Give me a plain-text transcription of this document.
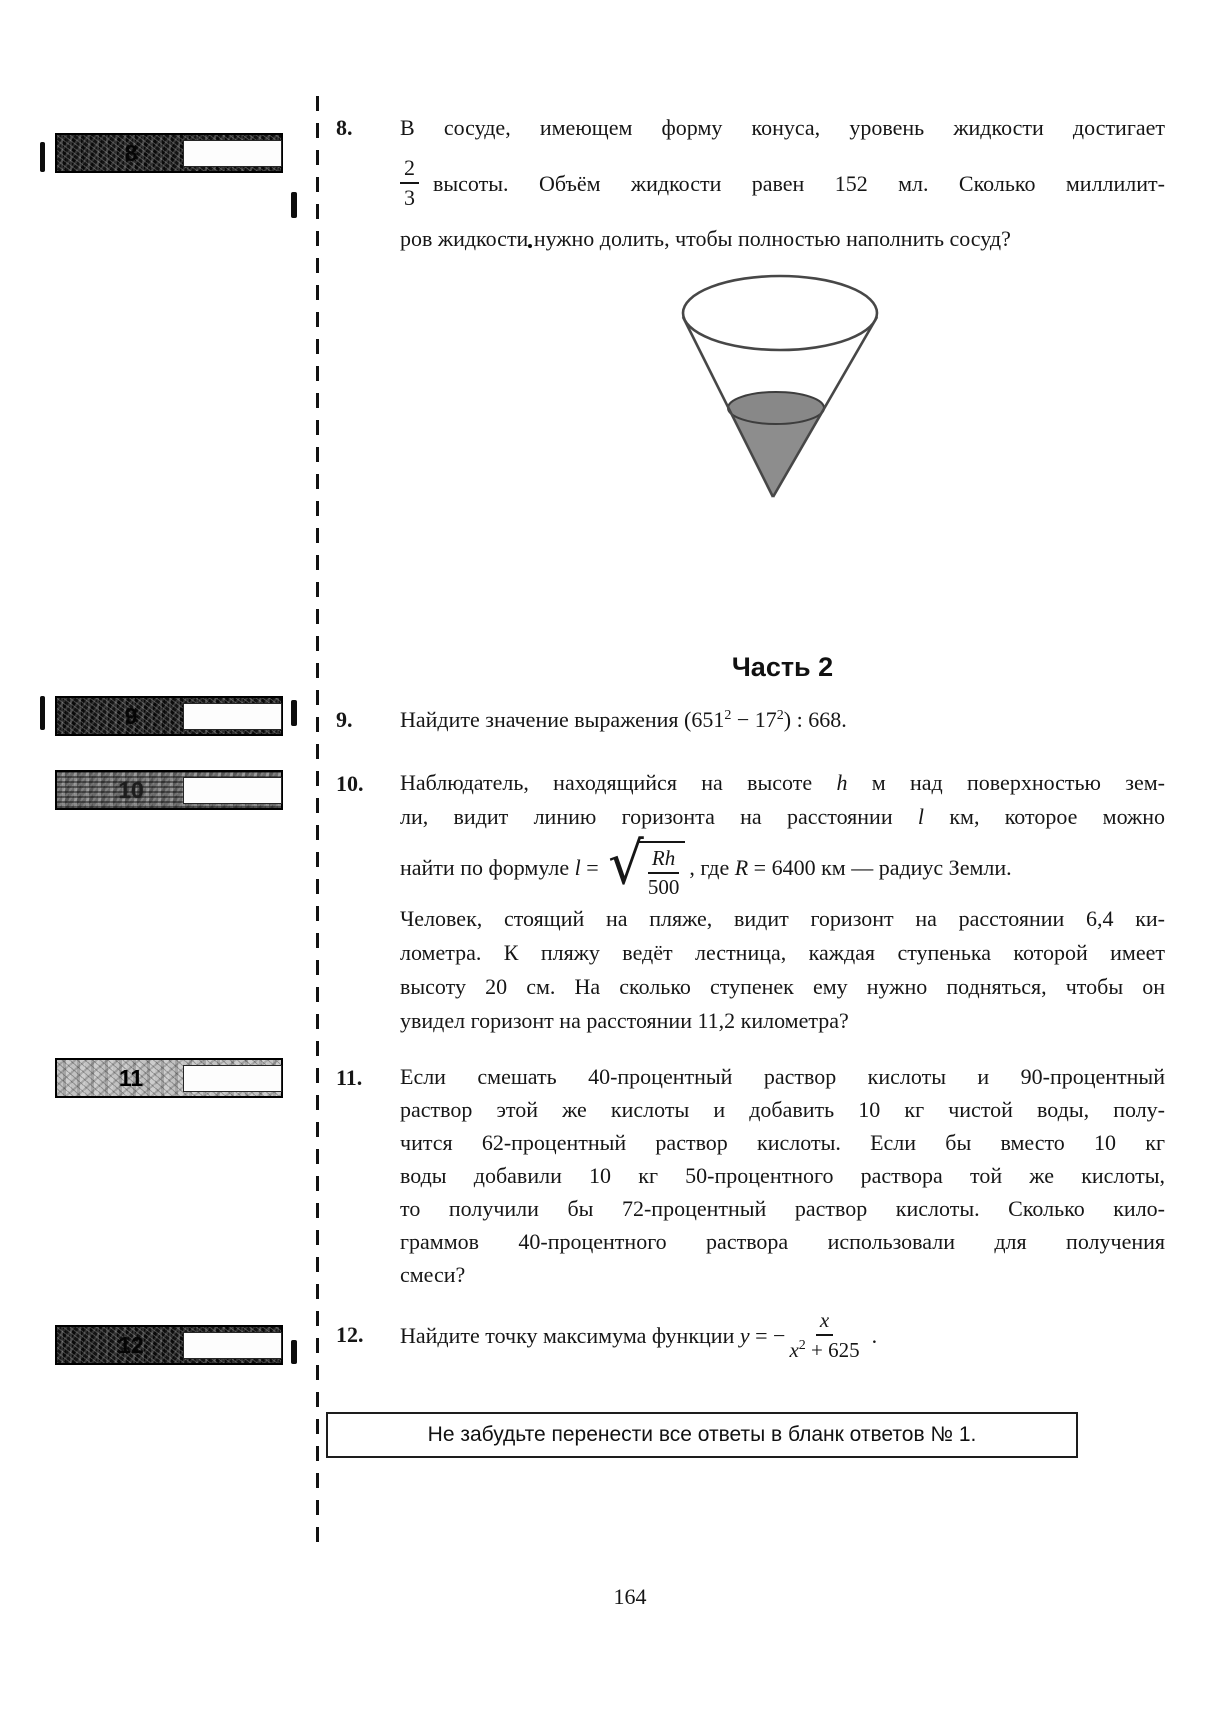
8
9
10
11
12
8. В сосуде, имеющем форму конуса, уровень жидкости достигает
$\frac{2}{3}$ высоты. Объём жидкости равен 152 мл. Сколько миллилит-
ров жидкости нужно долить, чтобы полностью наполнить сосуд?
Часть 2
9. Найдите значение выражения $(651^2 - 17^2)$ : 668.
10. Наблюдатель, находящийся на высоте h м над поверхностью зем-
ли, видит линию горизонта на расстоянии l км, которое можно
найти по формуле l = √ $\frac{Rh}{500}$ , где R = 6400 км — радиус Земли.
Человек, стоящий на пляже, видит горизонт на расстоянии 6,4 ки-
лометра. К пляжу ведёт лестница, каждая ступенька которой имеет
высоту 20 см. На сколько ступенек ему нужно подняться, чтобы он
увидел горизонт на расстоянии 11,2 километра?
11. Если смешать 40-процентный раствор кислоты и 90-процентный
раствор этой же кислоты и добавить 10 кг чистой воды, полу-
чится 62-процентный раствор кислоты. Если бы вместо 10 кг
воды добавили 10 кг 50-процентного раствора той же кислоты,
то получили бы 72-процентный раствор кислоты. Сколько кило-
граммов 40-процентного раствора использовали для получения
смеси?
12. Найдите точку максимума функции y = − $\frac{x}{x^2 + 625}$ .
Не забудьте перенести все ответы в бланк ответов № 1.
164
